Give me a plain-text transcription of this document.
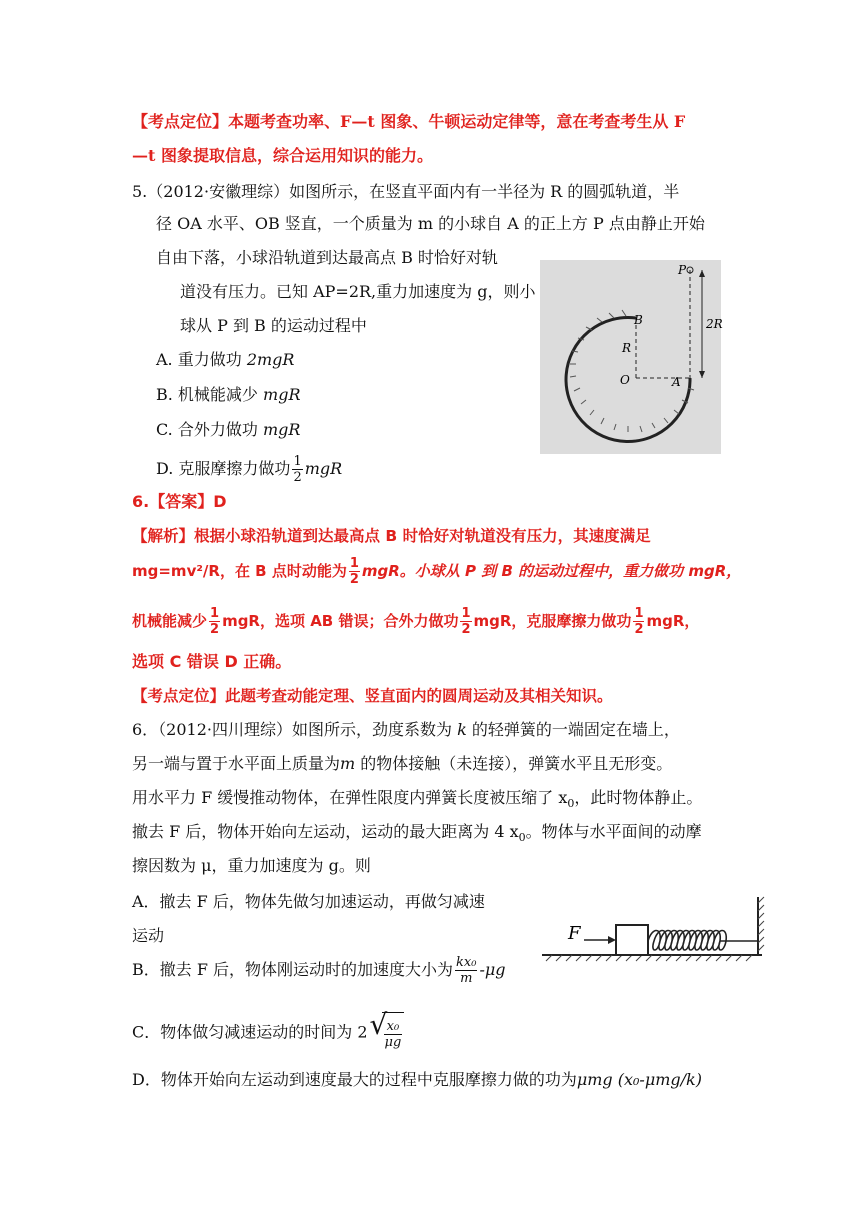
【考点定位】本题考查功率、F—t 图象、牛顿运动定律等，意在考查考生从 F
—t 图象提取信息，综合运用知识的能力。
5.（2012·安徽理综）如图所示，在竖直平面内有一半径为 R 的圆弧轨道，半
径 OA 水平、OB 竖直，一个质量为 m 的小球自 A 的正上方 P 点由静止开始
自由下落，小球沿轨道到达最高点 B 时恰好对轨
道没有压力。已知 AP=2R,重力加速度为 g，则小
球从 P 到 B 的运动过程中
A. 重力做功 2mgR
B. 机械能减少 mgR
C. 合外力做功 mgR
D. 克服摩擦力做功 $\frac{1}{2}$ mgR
P
B
R
2R
O	A
6.【答案】D
【解析】根据小球沿轨道到达最高点 B 时恰好对轨道没有压力，其速度满足
mg=mv²/R，在 B 点时动能为 $\frac{1}{2}$ mgR。小球从 P 到 B 的运动过程中，重力做功 mgR，
机械能减少 $\frac{1}{2}$ mgR，选项 AB 错误；合外力做功 $\frac{1}{2}$ mgR，克服摩擦力做功 $\frac{1}{2}$ mgR，
选项 C 错误 D 正确。
【考点定位】此题考查动能定理、竖直面内的圆周运动及其相关知识。
6．（2012·四川理综）如图所示，劲度系数为 k 的轻弹簧的一端固定在墙上，
另一端与置于水平面上质量为m 的物体接触（未连接），弹簧水平且无形变。
用水平力 F 缓慢推动物体，在弹性限度内弹簧长度被压缩了 $x_0$，此时物体静止。
撤去 F 后，物体开始向左运动，运动的最大距离为 4 $x_0$。物体与水平面间的动摩
擦因数为 μ，重力加速度为 g。则
A．撤去 F 后，物体先做匀加速运动，再做匀减速
运动
B．撤去 F 后，物体刚运动时的加速度大小为 $\frac{\text{kx₀}}{m} -\mu g$
C．物体做匀减速运动的时间为 2 √
$\frac{\text{x₀}}{\mu g}$
D．物体开始向左运动到速度最大的过程中克服摩擦力做的功为μmg (x₀-μmg/k)
F
